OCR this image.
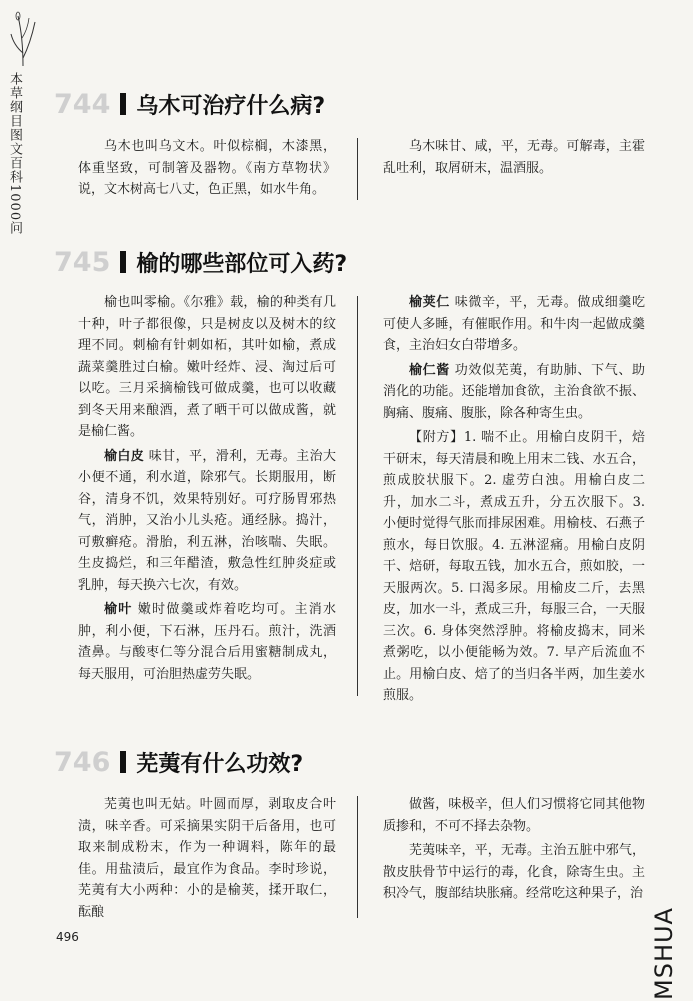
本草纲目图文百科1000问 744 乌木可治疗什么病?

乌木也叫乌文木。叶似棕榈，木漆黑，体重坚致，可制箸及器物。《南方草物状》说，文木树高七八丈，色正黑，如水牛角。

乌木味甘、咸，平，无毒。可解毒，主霍乱吐利，取屑研末，温酒服。

745 榆的哪些部位可入药?

榆也叫零榆。《尔雅》载，榆的种类有几十种，叶子都很像，只是树皮以及树木的纹理不同。刺榆有针刺如柘，其叶如榆，煮成蔬菜羹胜过白榆。嫩叶经炸、浸、淘过后可以吃。三月采摘榆钱可做成羹，也可以收藏到冬天用来酿酒，煮了晒干可以做成酱，就是榆仁酱。

榆白皮 味甘，平，滑利，无毒。主治大小便不通，利水道，除邪气。长期服用，断谷，清身不饥，效果特别好。可疗肠胃邪热气，消肿，又治小儿头疮。通经脉。捣汁，可敷癣疮。滑胎，利五淋，治咳喘、失眠。生皮捣烂，和三年醋渣，敷急性红肿炎症或乳肿，每天换六七次，有效。

榆叶 嫩时做羹或炸着吃均可。主消水肿，利小便，下石淋，压丹石。煎汁，洗酒渣鼻。与酸枣仁等分混合后用蜜糖制成丸，每天服用，可治胆热虚劳失眠。

榆荚仁 味微辛，平，无毒。做成细羹吃可使人多睡，有催眠作用。和牛肉一起做成羹食，主治妇女白带增多。

榆仁酱 功效似芜荑，有助肺、下气、助消化的功能。还能增加食欲，主治食欲不振、胸痛、腹痛、腹胀，除各种寄生虫。

【附方】1. 喘不止。用榆白皮阴干，焙干研末，每天清晨和晚上用末二钱、水五合，煎成胶状服下。2. 虚劳白浊。用榆白皮二升，加水二斗，煮成五升，分五次服下。3. 小便时觉得气胀而排尿困难。用榆枝、石燕子煎水，每日饮服。4. 五淋涩痛。用榆白皮阴干、焙研，每取五钱，加水五合，煎如胶，一天服两次。5. 口渴多尿。用榆皮二斤，去黑皮，加水一斗，煮成三升，每服三合，一天服三次。6. 身体突然浮肿。将榆皮捣末，同米煮粥吃，以小便能畅为效。7. 早产后流血不止。用榆白皮、焙了的当归各半两，加生姜水煎服。

746 芜荑有什么功效?

芜荑也叫无姑。叶圆而厚，剥取皮合叶渍，味辛香。可采摘果实阴干后备用，也可取来制成粉末，作为一种调料，陈年的最佳。用盐渍后，最宜作为食品。李时珍说，芜荑有大小两种：小的是榆荚，揉开取仁，酝酿

做酱，味极辛，但人们习惯将它同其他物质掺和，不可不择去杂物。

芜荑味辛，平，无毒。主治五脏中邪气，散皮肤骨节中运行的毒，化食，除寄生虫。主积冷气，腹部结块胀痛。经常吃这种果子，治

496	MSHUA
